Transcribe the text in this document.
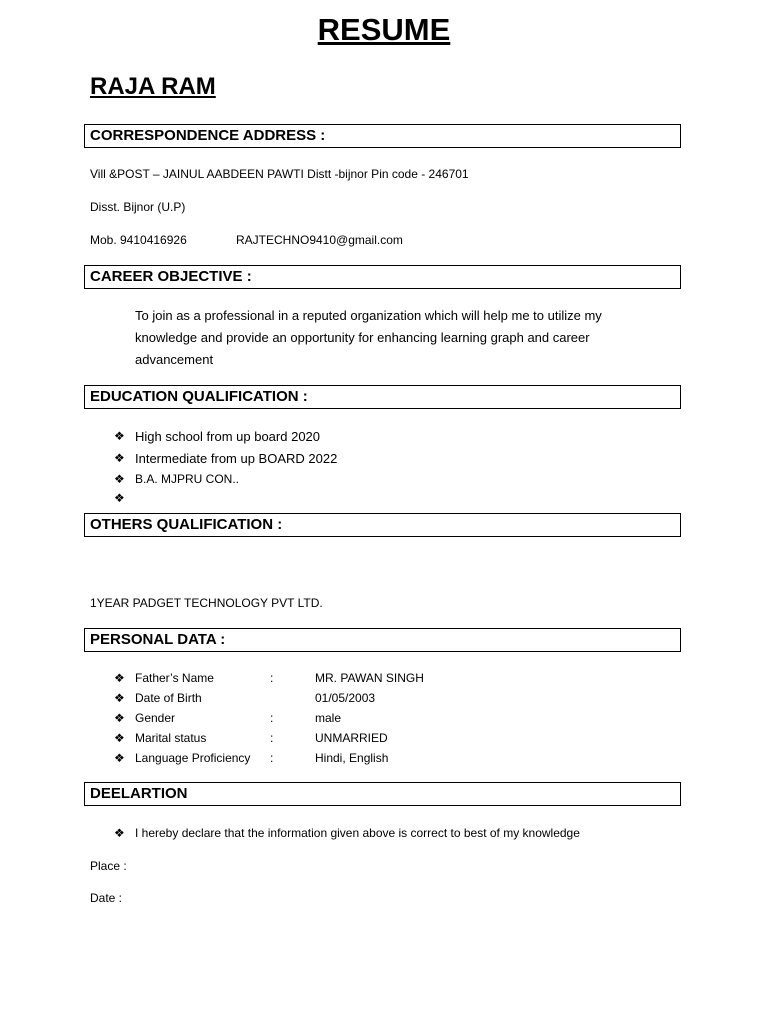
RESUME
RAJA RAM
CORRESPONDENCE ADDRESS :
Vill &POST – JAINUL AABDEEN PAWTI Distt -bijnor Pin code - 246701
Disst. Bijnor (U.P)
Mob. 9410416926	RAJTECHNO9410@gmail.com
CAREER OBJECTIVE :
To join as a professional in a reputed organization which will help me to utilize my
knowledge and provide an opportunity for enhancing learning graph and career
advancement
EDUCATION QUALIFICATION :
❖ High school from up board 2020
❖ Intermediate from up BOARD 2022
❖ B.A. MJPRU CON..
❖
OTHERS QUALIFICATION :
1YEAR PADGET TECHNOLOGY PVT LTD.
PERSONAL DATA :
❖ Father’s Name	:	MR. PAWAN SINGH
❖ Date of Birth	01/05/2003
❖ Gender	:	male
❖ Marital status	:	UNMARRIED
❖ Language Proficiency :	Hindi, English
DEELARTION
❖ I hereby declare that the information given above is correct to best of my knowledge
Place :
Date :
